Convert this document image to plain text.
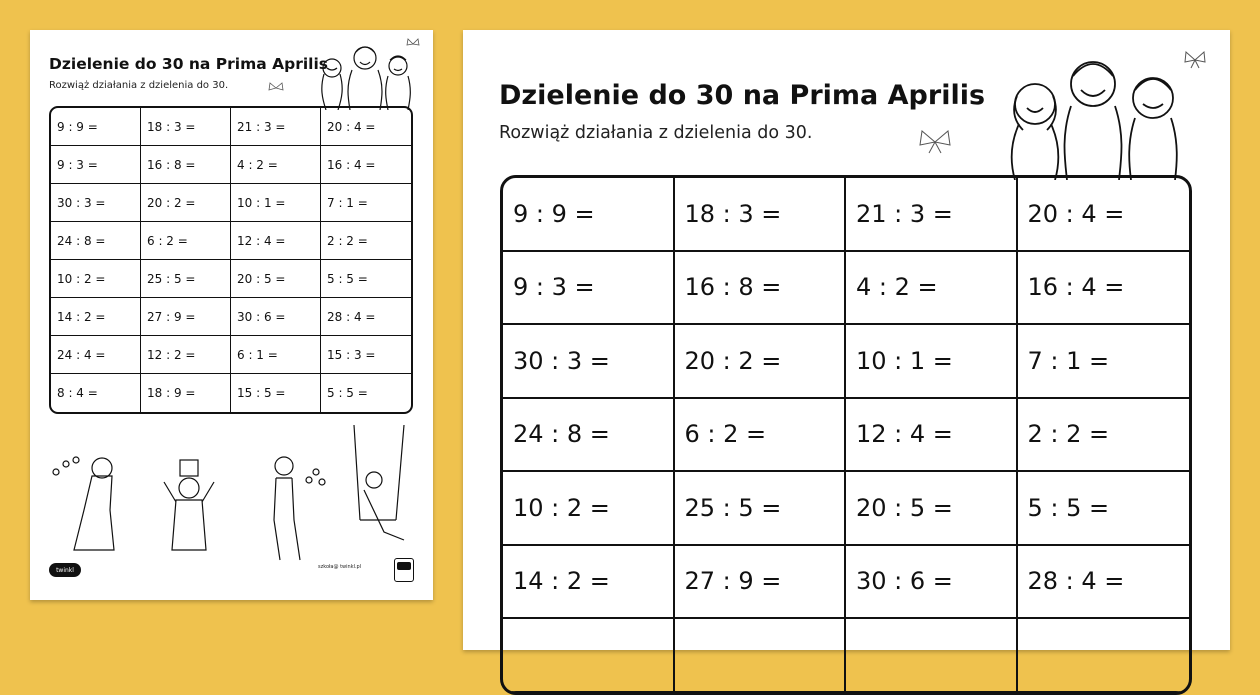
Dzielenie do 30 na Prima Aprilis
Rozwiąż działania z dzielenia do 30.
9 : 9 =	18 : 3 =	21 : 3 =	20 : 4 =
9 : 3 =	16 : 8 =	4 : 2 =	16 : 4 =
30 : 3 =	20 : 2 =	10 : 1 =	7 : 1 =
24 : 8 =	6 : 2 =	12 : 4 =	2 : 2 =
10 : 2 =	25 : 5 =	20 : 5 =	5 : 5 =
14 : 2 =	27 : 9 =	30 : 6 =	28 : 4 =
24 : 4 =	12 : 2 =	6 : 1 =	15 : 3 =
8 : 4 =	18 : 9 =	15 : 5 =	5 : 5 =
twinkl	szkoła@ twinkl.pl
Dzielenie do 30 na Prima Aprilis
Rozwiąż działania z dzielenia do 30.
9 : 9 =	18 : 3 =	21 : 3 =	20 : 4 =
9 : 3 =	16 : 8 =	4 : 2 =	16 : 4 =
30 : 3 =	20 : 2 =	10 : 1 =	7 : 1 =
24 : 8 =	6 : 2 =	12 : 4 =	2 : 2 =
10 : 2 =	25 : 5 =	20 : 5 =	5 : 5 =
14 : 2 =	27 : 9 =	30 : 6 =	28 : 4 =
